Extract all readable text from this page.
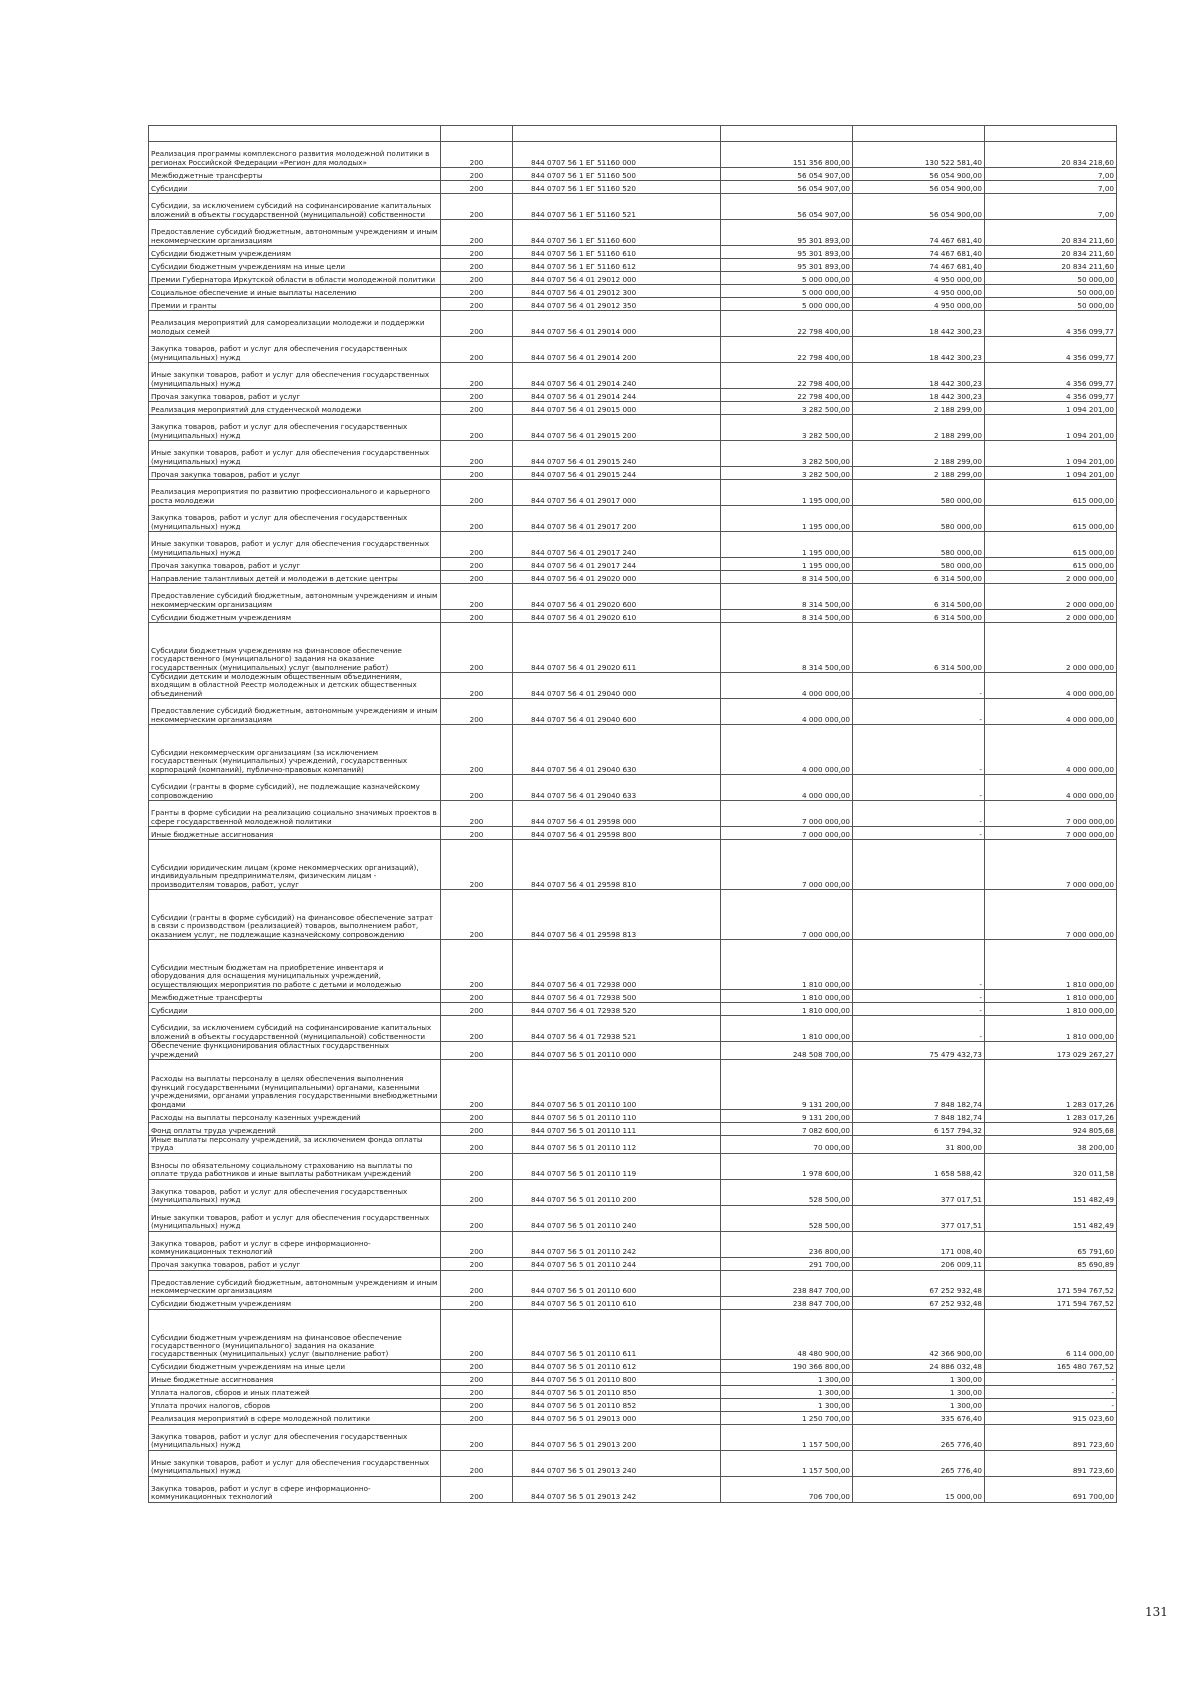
Реализация программы комплексного развития молодежной политики в регионах Российской Федерации «Регион для молодых»	200	844 0707 56 1 ЕГ 51160 000	151 356 800,00	130 522 581,40	20 834 218,60
Межбюджетные трансферты	200	844 0707 56 1 ЕГ 51160 500	56 054 907,00	56 054 900,00	7,00
Субсидии	200	844 0707 56 1 ЕГ 51160 520	56 054 907,00	56 054 900,00	7,00
Субсидии, за исключением субсидий на софинансирование капитальных вложений в объекты государственной (муниципальной) собственности	200	844 0707 56 1 ЕГ 51160 521	56 054 907,00	56 054 900,00	7,00
Предоставление субсидий бюджетным, автономным учреждениям и иным некоммерческим организациям	200	844 0707 56 1 ЕГ 51160 600	95 301 893,00	74 467 681,40	20 834 211,60
Субсидии бюджетным учреждениям	200	844 0707 56 1 ЕГ 51160 610	95 301 893,00	74 467 681,40	20 834 211,60
Субсидии бюджетным учреждениям на иные цели	200	844 0707 56 1 ЕГ 51160 612	95 301 893,00	74 467 681,40	20 834 211,60
Премии Губернатора Иркутской области в области молодежной политики	200	844 0707 56 4 01 29012 000	5 000 000,00	4 950 000,00	50 000,00
Социальное обеспечение и иные выплаты населению	200	844 0707 56 4 01 29012 300	5 000 000,00	4 950 000,00	50 000,00
Премии и гранты	200	844 0707 56 4 01 29012 350	5 000 000,00	4 950 000,00	50 000,00
Реализация мероприятий для самореализации молодежи и поддержки молодых семей	200	844 0707 56 4 01 29014 000	22 798 400,00	18 442 300,23	4 356 099,77
Закупка товаров, работ и услуг для обеспечения государственных (муниципальных) нужд	200	844 0707 56 4 01 29014 200	22 798 400,00	18 442 300,23	4 356 099,77
Иные закупки товаров, работ и услуг для обеспечения государственных (муниципальных) нужд	200	844 0707 56 4 01 29014 240	22 798 400,00	18 442 300,23	4 356 099,77
Прочая закупка товаров, работ и услуг	200	844 0707 56 4 01 29014 244	22 798 400,00	18 442 300,23	4 356 099,77
Реализация мероприятий для студенческой молодежи	200	844 0707 56 4 01 29015 000	3 282 500,00	2 188 299,00	1 094 201,00
Закупка товаров, работ и услуг для обеспечения государственных (муниципальных) нужд	200	844 0707 56 4 01 29015 200	3 282 500,00	2 188 299,00	1 094 201,00
Иные закупки товаров, работ и услуг для обеспечения государственных (муниципальных) нужд	200	844 0707 56 4 01 29015 240	3 282 500,00	2 188 299,00	1 094 201,00
Прочая закупка товаров, работ и услуг	200	844 0707 56 4 01 29015 244	3 282 500,00	2 188 299,00	1 094 201,00
Реализация мероприятия по развитию профессионального и карьерного роста молодежи	200	844 0707 56 4 01 29017 000	1 195 000,00	580 000,00	615 000,00
Закупка товаров, работ и услуг для обеспечения государственных (муниципальных) нужд	200	844 0707 56 4 01 29017 200	1 195 000,00	580 000,00	615 000,00
Иные закупки товаров, работ и услуг для обеспечения государственных (муниципальных) нужд	200	844 0707 56 4 01 29017 240	1 195 000,00	580 000,00	615 000,00
Прочая закупка товаров, работ и услуг	200	844 0707 56 4 01 29017 244	1 195 000,00	580 000,00	615 000,00
Направление талантливых детей и молодежи в детские центры	200	844 0707 56 4 01 29020 000	8 314 500,00	6 314 500,00	2 000 000,00
Предоставление субсидий бюджетным, автономным учреждениям и иным некоммерческим организациям	200	844 0707 56 4 01 29020 600	8 314 500,00	6 314 500,00	2 000 000,00
Субсидии бюджетным учреждениям	200	844 0707 56 4 01 29020 610	8 314 500,00	6 314 500,00	2 000 000,00
Субсидии бюджетным учреждениям на финансовое обеспечение государственного (муниципального) задания на оказание государственных (муниципальных) услуг (выполнение работ)	200	844 0707 56 4 01 29020 611	8 314 500,00	6 314 500,00	2 000 000,00
Субсидии детским и молодежным общественным объединениям, входящим в областной Реестр молодежных и детских общественных объединений	200	844 0707 56 4 01 29040 000	4 000 000,00	-	4 000 000,00
Предоставление субсидий бюджетным, автономным учреждениям и иным некоммерческим организациям	200	844 0707 56 4 01 29040 600	4 000 000,00	-	4 000 000,00
Субсидии некоммерческим организациям (за исключением государственных (муниципальных) учреждений, государственных корпораций (компаний), публично-правовых компаний)	200	844 0707 56 4 01 29040 630	4 000 000,00	-	4 000 000,00
Субсидии (гранты в форме субсидий), не подлежащие казначейскому сопровождению	200	844 0707 56 4 01 29040 633	4 000 000,00	-	4 000 000,00
Гранты в форме субсидии на реализацию социально значимых проектов в сфере государственной молодежной политики	200	844 0707 56 4 01 29598 000	7 000 000,00	-	7 000 000,00
Иные бюджетные ассигнования	200	844 0707 56 4 01 29598 800	7 000 000,00	-	7 000 000,00
Субсидии юридическим лицам (кроме некоммерческих организаций), индивидуальным предпринимателям, физическим лицам - производителям товаров, работ, услуг	200	844 0707 56 4 01 29598 810	7 000 000,00		7 000 000,00
Субсидии (гранты в форме субсидий) на финансовое обеспечение затрат в связи с производством (реализацией) товаров, выполнением работ, оказанием услуг, не подлежащие казначейскому сопровождению	200	844 0707 56 4 01 29598 813	7 000 000,00		7 000 000,00
Субсидии местным бюджетам на приобретение инвентаря и оборудования для оснащения муниципальных учреждений, осуществляющих мероприятия по работе с детьми и молодежью	200	844 0707 56 4 01 72938 000	1 810 000,00	-	1 810 000,00
Межбюджетные трансферты	200	844 0707 56 4 01 72938 500	1 810 000,00	-	1 810 000,00
Субсидии	200	844 0707 56 4 01 72938 520	1 810 000,00	-	1 810 000,00
Субсидии, за исключением субсидий на софинансирование капитальных вложений в объекты государственной (муниципальной) собственности	200	844 0707 56 4 01 72938 521	1 810 000,00	-	1 810 000,00
Обеспечение функционирования областных государственных учреждений	200	844 0707 56 5 01 20110 000	248 508 700,00	75 479 432,73	173 029 267,27
Расходы на выплаты персоналу в целях обеспечения выполнения функций государственными (муниципальными) органами, казенными учреждениями, органами управления государственными внебюджетными фондами	200	844 0707 56 5 01 20110 100	9 131 200,00	7 848 182,74	1 283 017,26
Расходы на выплаты персоналу казенных учреждений	200	844 0707 56 5 01 20110 110	9 131 200,00	7 848 182,74	1 283 017,26
Фонд оплаты труда учреждений	200	844 0707 56 5 01 20110 111	7 082 600,00	6 157 794,32	924 805,68
Иные выплаты персоналу учреждений, за исключением фонда оплаты труда	200	844 0707 56 5 01 20110 112	70 000,00	31 800,00	38 200,00
Взносы по обязательному социальному страхованию на выплаты по оплате труда работников и иные выплаты работникам учреждений	200	844 0707 56 5 01 20110 119	1 978 600,00	1 658 588,42	320 011,58
Закупка товаров, работ и услуг для обеспечения государственных (муниципальных) нужд	200	844 0707 56 5 01 20110 200	528 500,00	377 017,51	151 482,49
Иные закупки товаров, работ и услуг для обеспечения государственных (муниципальных) нужд	200	844 0707 56 5 01 20110 240	528 500,00	377 017,51	151 482,49
Закупка товаров, работ и услуг в сфере информационно-коммуникационных технологий	200	844 0707 56 5 01 20110 242	236 800,00	171 008,40	65 791,60
Прочая закупка товаров, работ и услуг	200	844 0707 56 5 01 20110 244	291 700,00	206 009,11	85 690,89
Предоставление субсидий бюджетным, автономным учреждениям и иным некоммерческим организациям	200	844 0707 56 5 01 20110 600	238 847 700,00	67 252 932,48	171 594 767,52
Субсидии бюджетным учреждениям	200	844 0707 56 5 01 20110 610	238 847 700,00	67 252 932,48	171 594 767,52
Субсидии бюджетным учреждениям на финансовое обеспечение государственного (муниципального) задания на оказание государственных (муниципальных) услуг (выполнение работ)	200	844 0707 56 5 01 20110 611	48 480 900,00	42 366 900,00	6 114 000,00
Субсидии бюджетным учреждениям на иные цели	200	844 0707 56 5 01 20110 612	190 366 800,00	24 886 032,48	165 480 767,52
Иные бюджетные ассигнования	200	844 0707 56 5 01 20110 800	1 300,00	1 300,00	-
Уплата налогов, сборов и иных платежей	200	844 0707 56 5 01 20110 850	1 300,00	1 300,00	-
Уплата прочих налогов, сборов	200	844 0707 56 5 01 20110 852	1 300,00	1 300,00	-
Реализация мероприятий в сфере молодежной политики	200	844 0707 56 5 01 29013 000	1 250 700,00	335 676,40	915 023,60
Закупка товаров, работ и услуг для обеспечения государственных (муниципальных) нужд	200	844 0707 56 5 01 29013 200	1 157 500,00	265 776,40	891 723,60
Иные закупки товаров, работ и услуг для обеспечения государственных (муниципальных) нужд	200	844 0707 56 5 01 29013 240	1 157 500,00	265 776,40	891 723,60
Закупка товаров, работ и услуг в сфере информационно-коммуникационных технологий	200	844 0707 56 5 01 29013 242	706 700,00	15 000,00	691 700,00
131
